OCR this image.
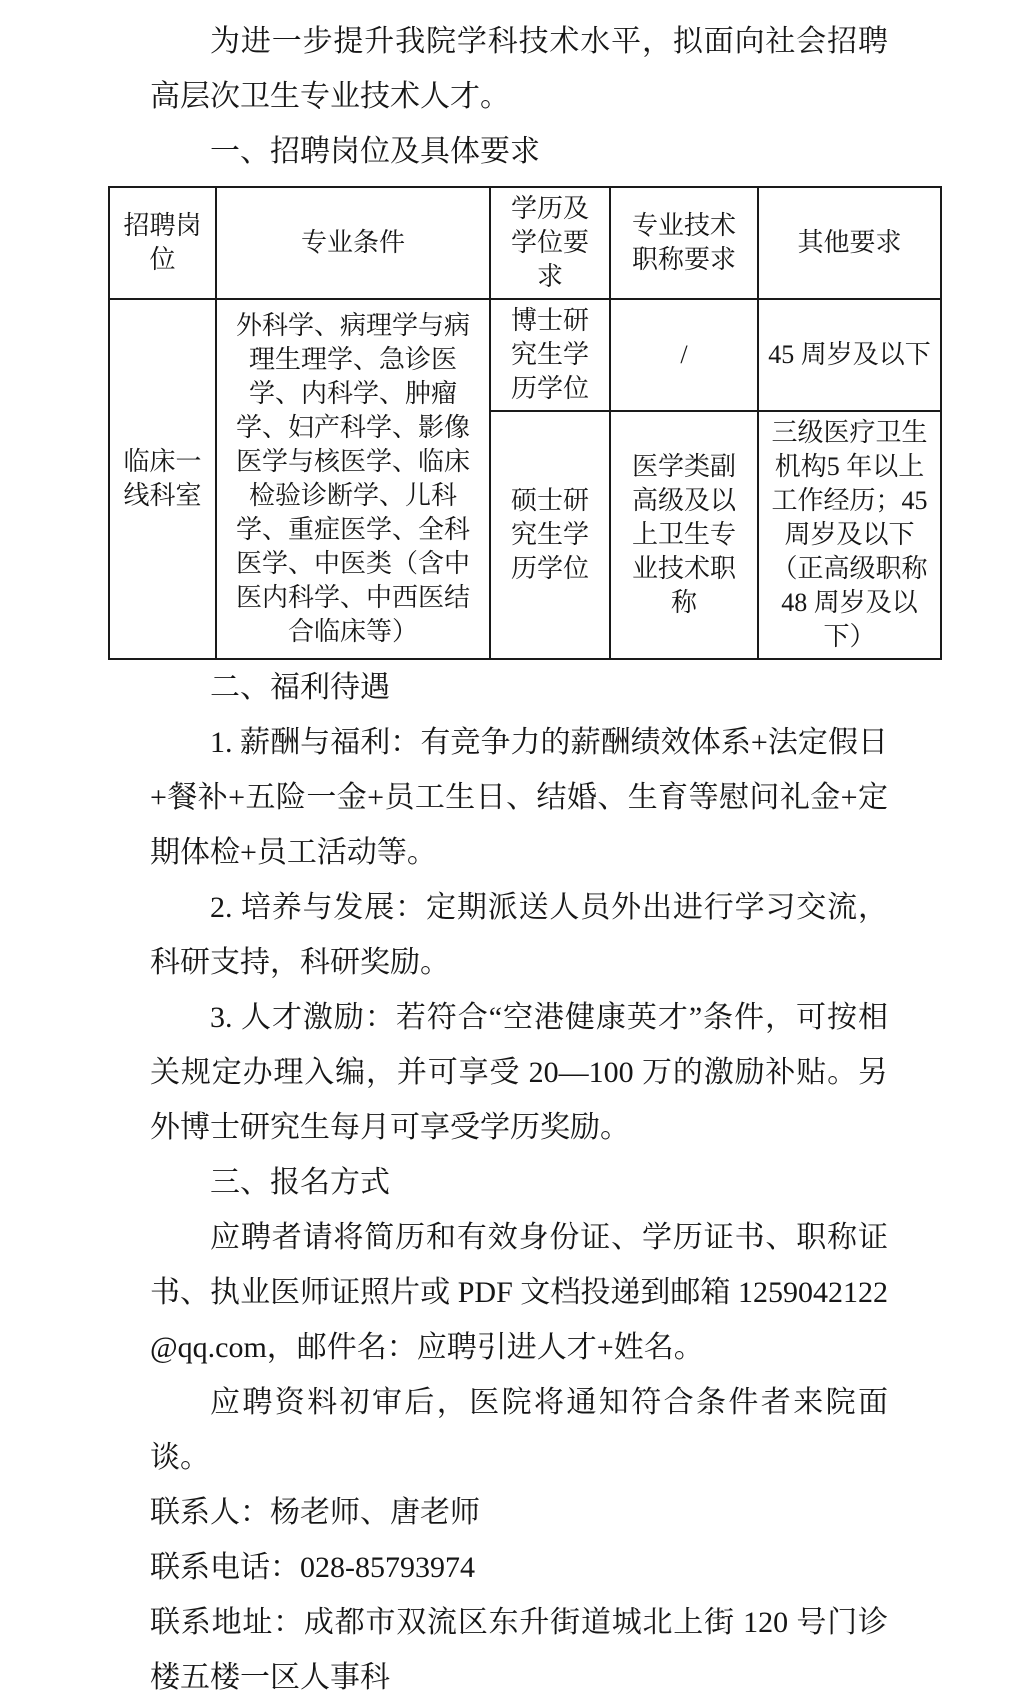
为进一步提升我院学科技术水平，拟面向社会招聘高层次卫生专业技术人才。

一、招聘岗位及具体要求

招聘岗位	专业条件	学历及学位要求	专业技术职称要求	其他要求
临床一线科室	外科学、病理学与病理生理学、急诊医学、内科学、肿瘤学、妇产科学、影像医学与核医学、临床检验诊断学、儿科学、重症医学、全科医学、中医类（含中医内科学、中西医结合临床等）	博士研究生学历学位	/	45 周岁及以下
		硕士研究生学历学位	医学类副高级及以上卫生专业技术职称	三级医疗卫生机构5 年以上工作经历；45 周岁及以下（正高级职称 48 周岁及以下）

二、福利待遇

1. 薪酬与福利：有竞争力的薪酬绩效体系+法定假日+餐补+五险一金+员工生日、结婚、生育等慰问礼金+定期体检+员工活动等。

2. 培养与发展：定期派送人员外出进行学习交流，科研支持，科研奖励。

3. 人才激励：若符合“空港健康英才”条件，可按相关规定办理入编，并可享受 20—100 万的激励补贴。另外博士研究生每月可享受学历奖励。

三、报名方式

应聘者请将简历和有效身份证、学历证书、职称证书、执业医师证照片或 PDF 文档投递到邮箱 1259042122@qq.com，邮件名：应聘引进人才+姓名。

应聘资料初审后，医院将通知符合条件者来院面谈。

联系人：杨老师、唐老师

联系电话：028-85793974

联系地址：成都市双流区东升街道城北上街 120 号门诊楼五楼一区人事科
